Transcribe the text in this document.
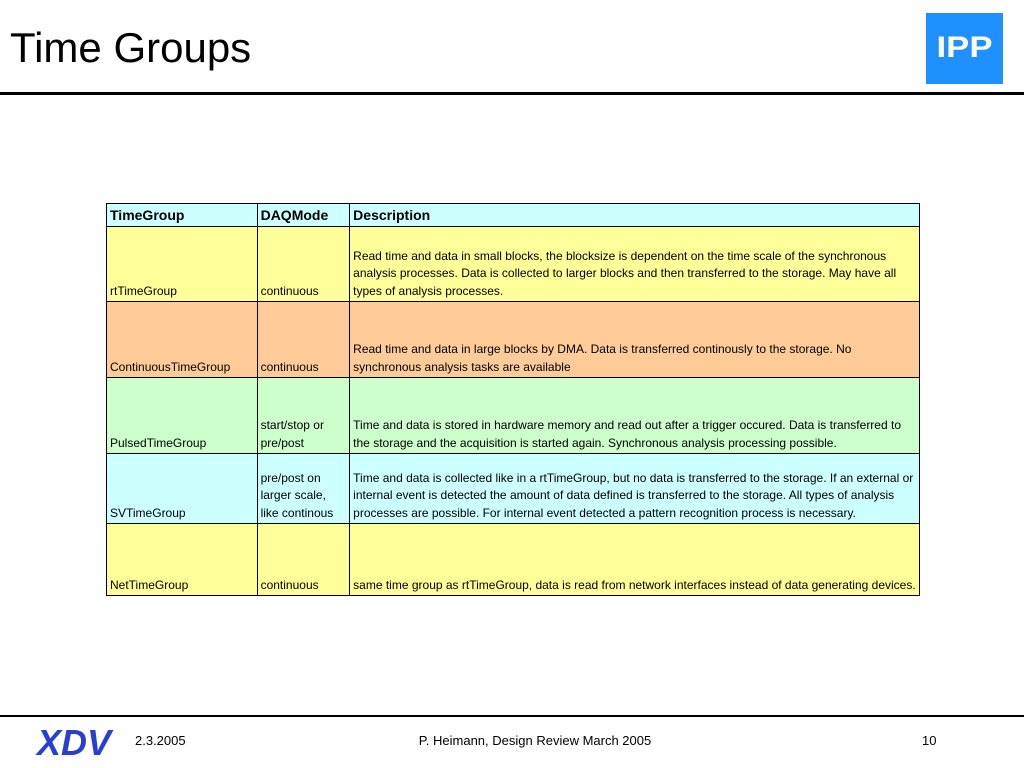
Time Groups	IPP
TimeGroup	DAQMode	Description
rtTimeGroup	continuous	Read time and data in small blocks, the blocksize is dependent on the time scale of the synchronous analysis processes. Data is collected to larger blocks and then transferred to the storage. May have all types of analysis processes.
ContinuousTimeGroup	continuous	Read time and data in large blocks by DMA. Data is transferred continously to the storage. No synchronous analysis tasks are available
PulsedTimeGroup	start/stop or pre/post	Time and data is stored in hardware memory and read out after a trigger occured. Data is transferred to the storage and the acquisition is started again. Synchronous analysis processing possible.
SVTimeGroup	pre/post on larger scale, like continous	Time and data is collected like in a rtTimeGroup, but no data is transferred to the storage. If an external or internal event is detected the amount of data defined is transferred to the storage. All types of analysis processes are possible. For internal event detected a pattern recognition process is necessary.
NetTimeGroup	continuous	same time group as rtTimeGroup, data is read from network interfaces instead of data generating devices.
XDV 2.3.2005	P. Heimann, Design Review March 2005	10
